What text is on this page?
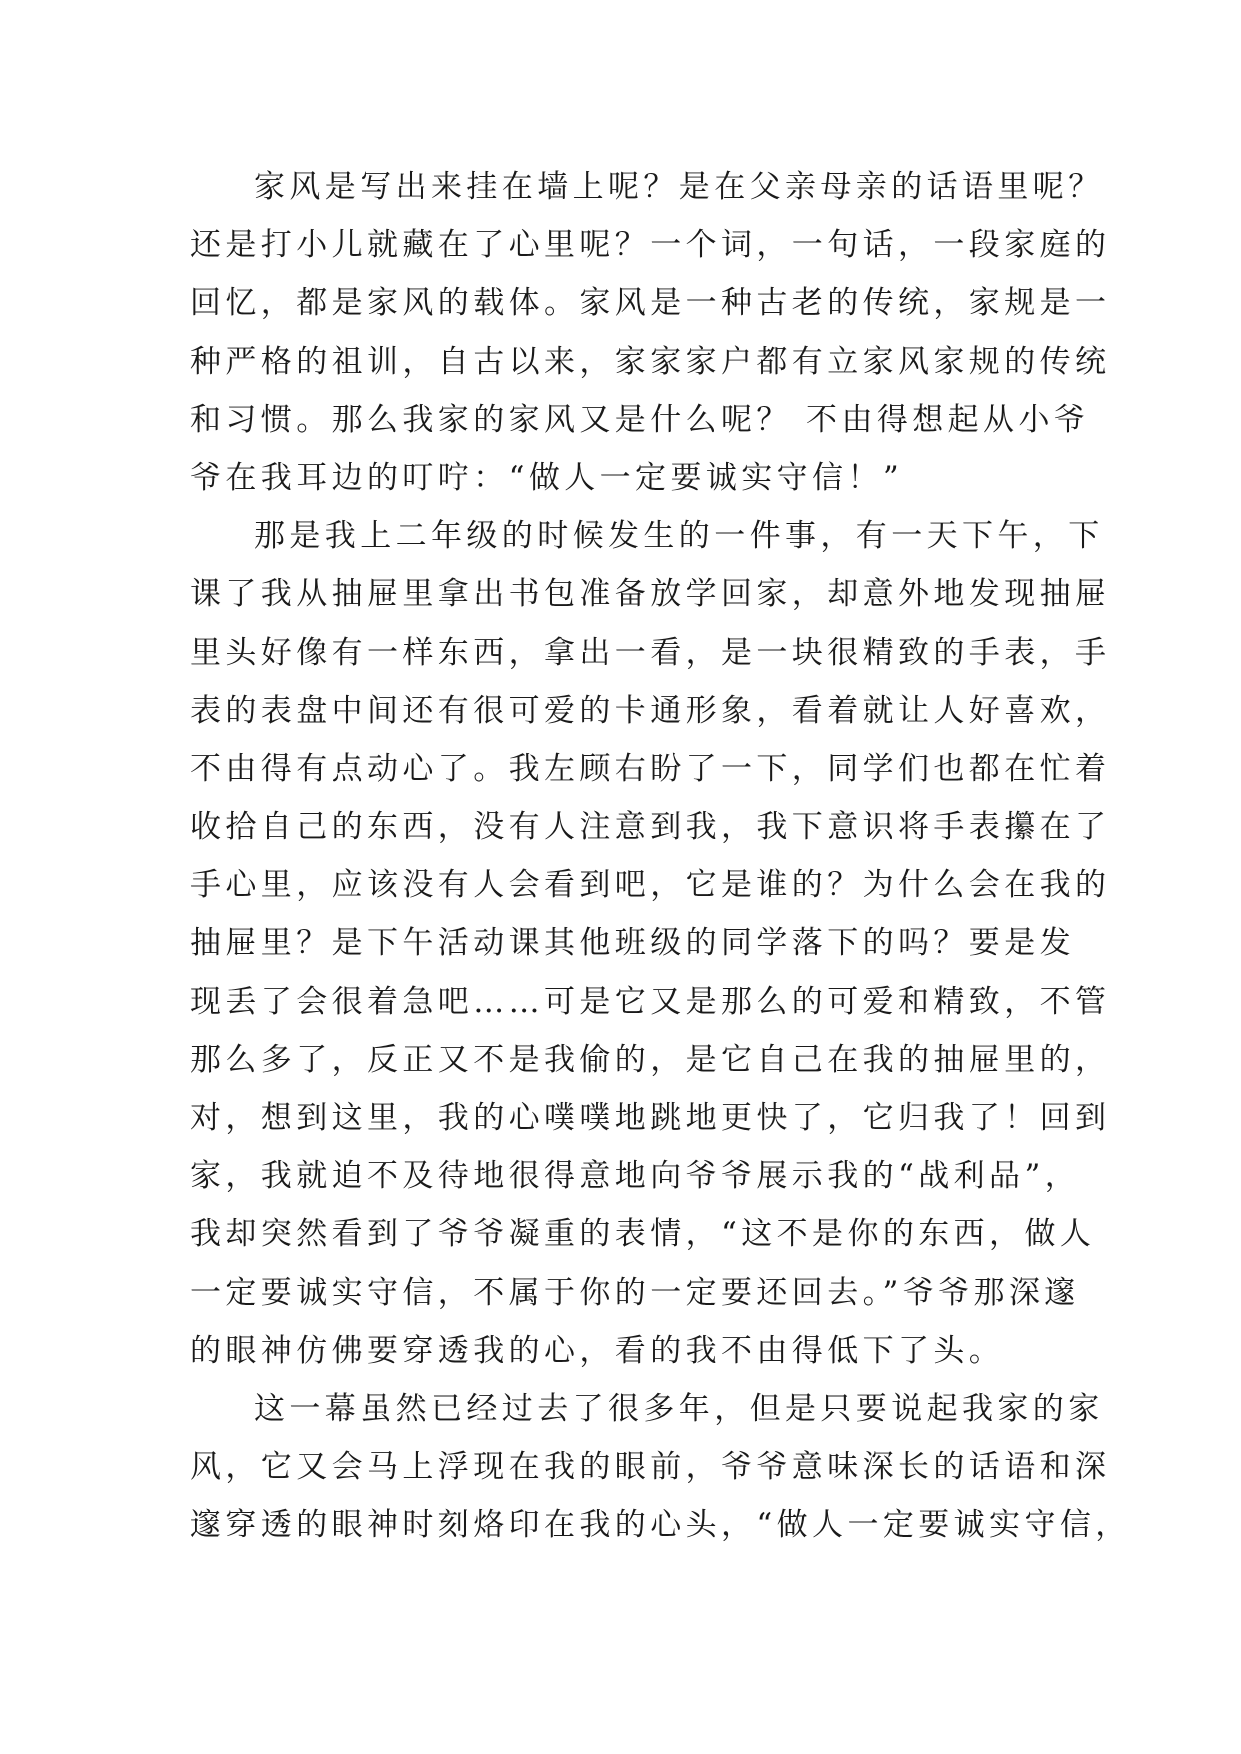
家风是写出来挂在墙上呢？是在父亲母亲的话语里呢？
还是打小儿就藏在了心里呢？一个词，一句话，一段家庭的
回忆，都是家风的载体。家风是一种古老的传统，家规是一
种严格的祖训，自古以来，家家家户都有立家风家规的传统
和习惯。那么我家的家风又是什么呢？ 不由得想起从小爷
爷在我耳边的叮咛：“做人一定要诚实守信！”
那是我上二年级的时候发生的一件事，有一天下午，下
课了我从抽屉里拿出书包准备放学回家，却意外地发现抽屉
里头好像有一样东西，拿出一看，是一块很精致的手表，手
表的表盘中间还有很可爱的卡通形象，看着就让人好喜欢，
不由得有点动心了。我左顾右盼了一下，同学们也都在忙着
收拾自己的东西，没有人注意到我，我下意识将手表攥在了
手心里，应该没有人会看到吧，它是谁的？为什么会在我的
抽屉里？是下午活动课其他班级的同学落下的吗？要是发
现丢了会很着急吧……可是它又是那么的可爱和精致，不管
那么多了，反正又不是我偷的，是它自己在我的抽屉里的，
对，想到这里，我的心噗噗地跳地更快了，它归我了！回到
家，我就迫不及待地很得意地向爷爷展示我的“战利品”，
我却突然看到了爷爷凝重的表情，“这不是你的东西，做人
一定要诚实守信，不属于你的一定要还回去。”爷爷那深邃
的眼神仿佛要穿透我的心，看的我不由得低下了头。
这一幕虽然已经过去了很多年，但是只要说起我家的家
风，它又会马上浮现在我的眼前，爷爷意味深长的话语和深
邃穿透的眼神时刻烙印在我的心头，“做人一定要诚实守信，
